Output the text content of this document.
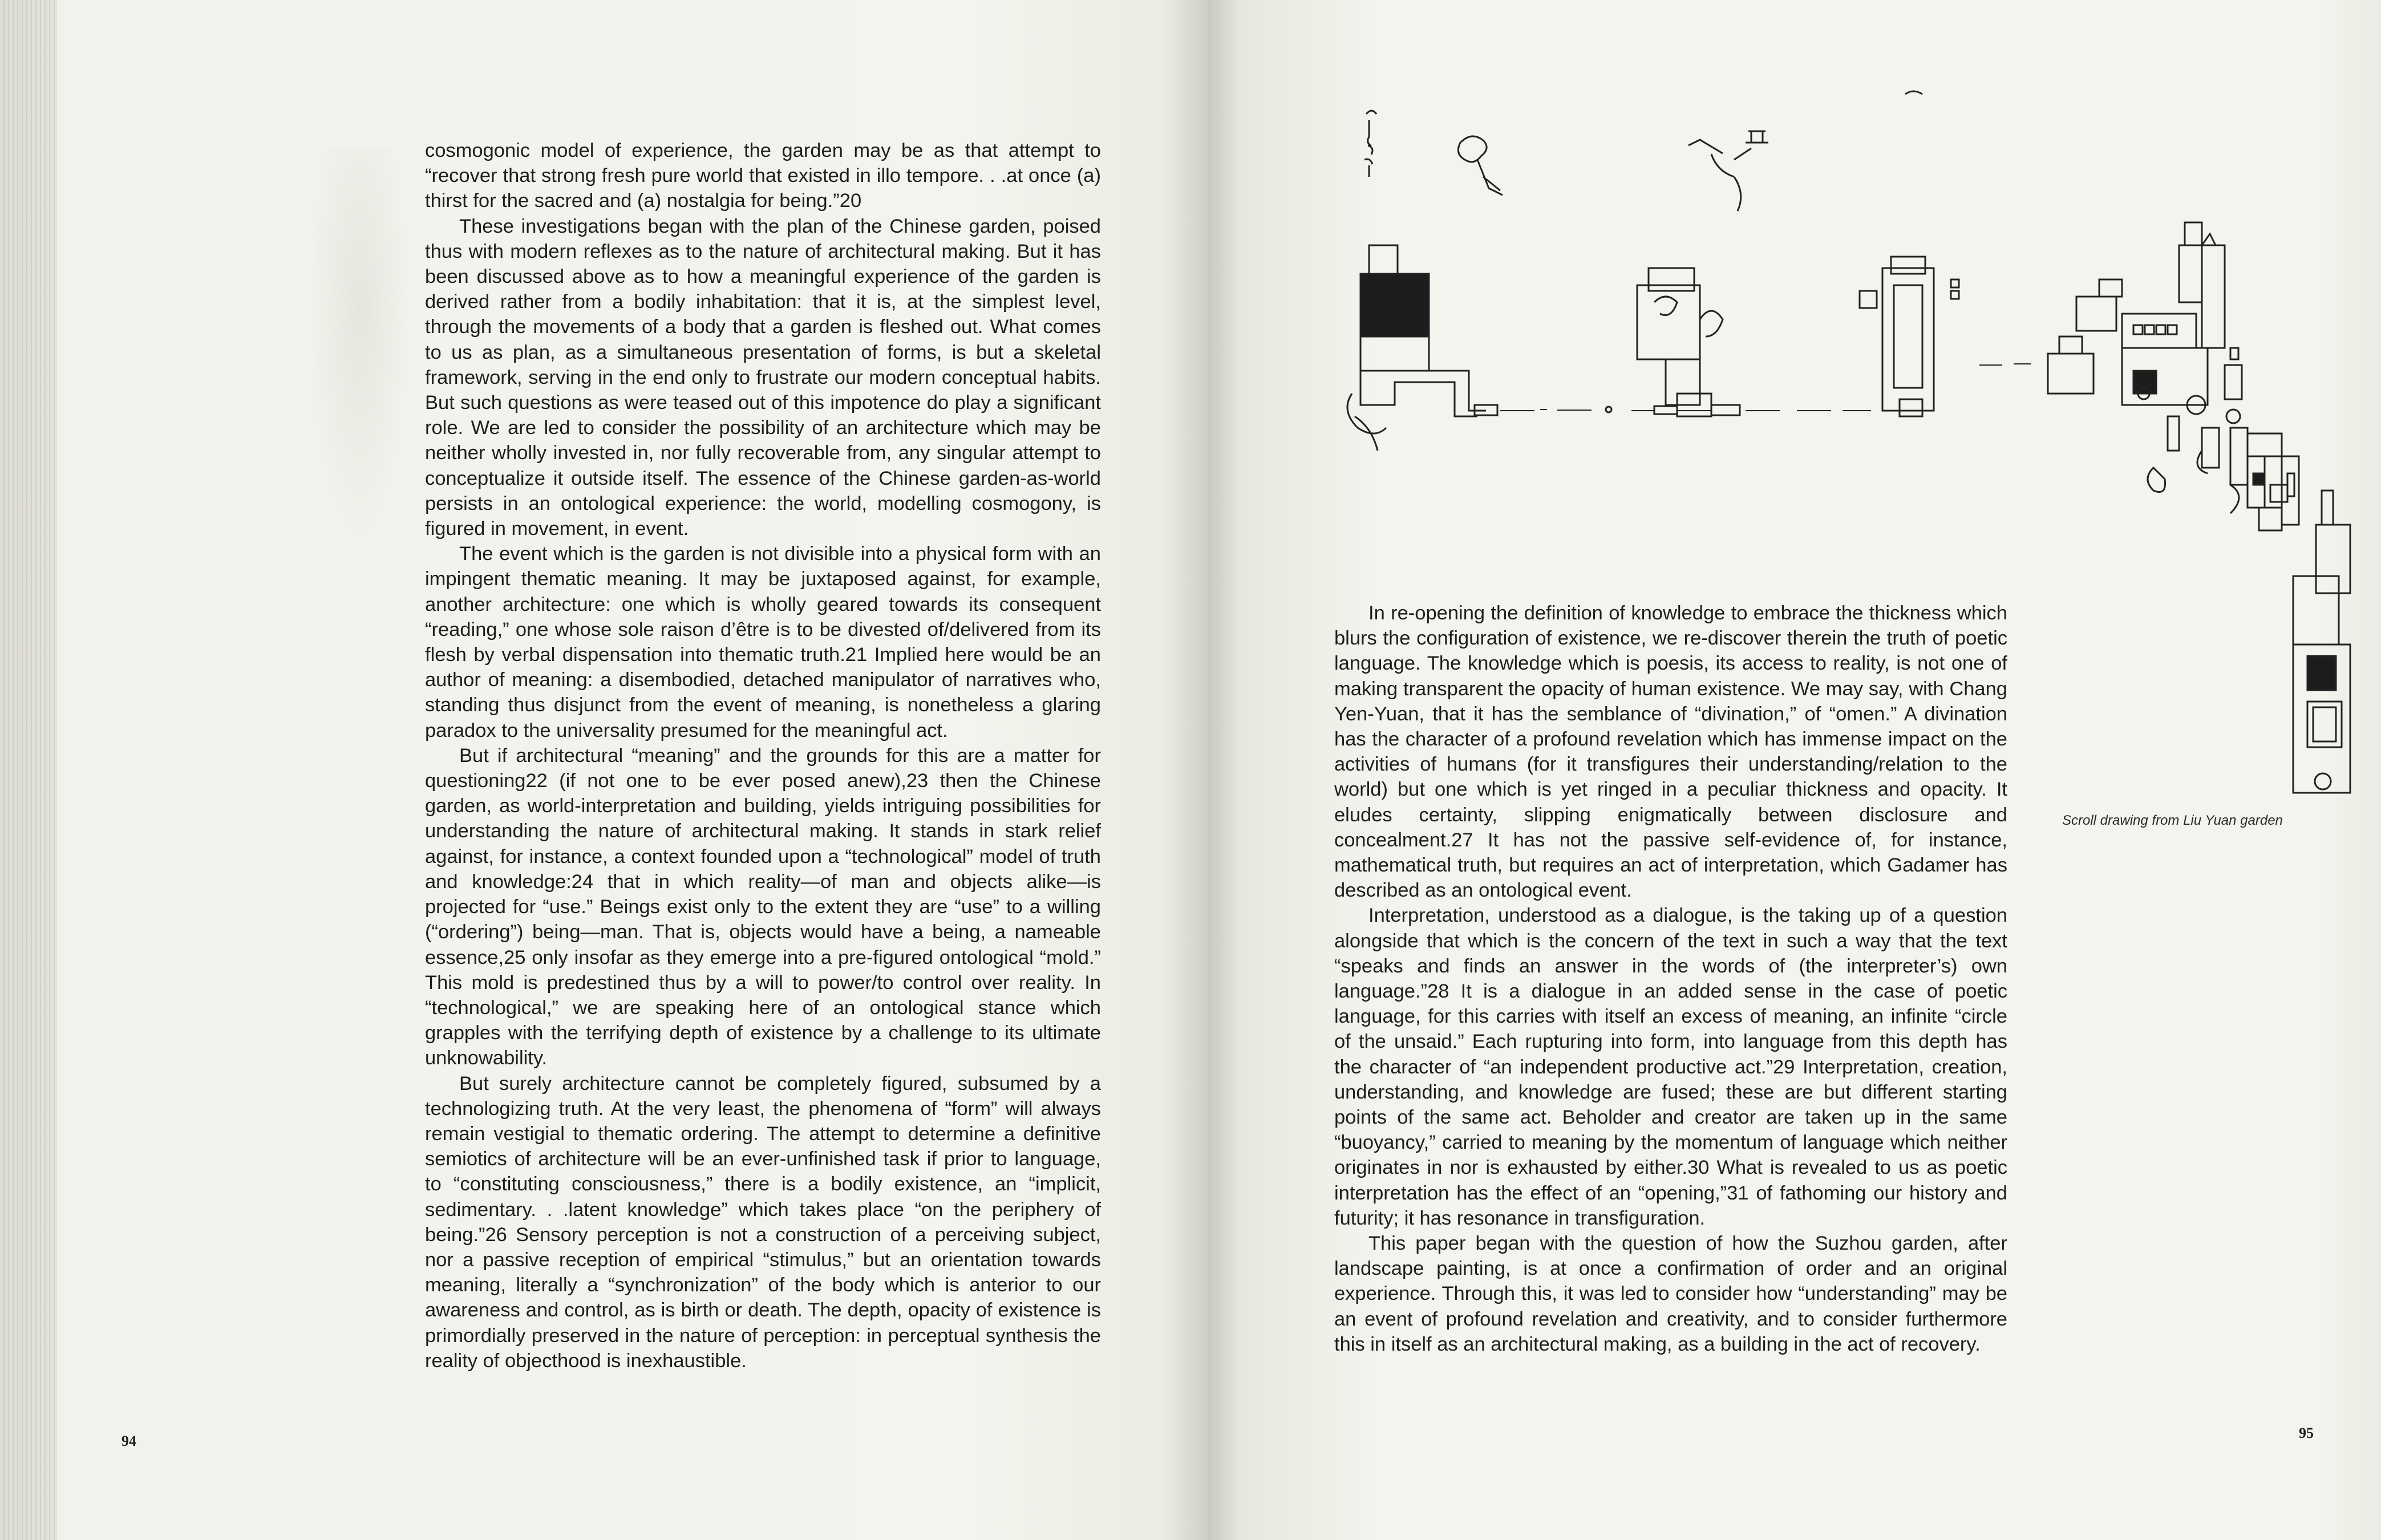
cosmogonic model of experience, the garden may be as that attempt to “recover that strong fresh pure world that existed in illo tempore. . .at once (a) thirst for the sacred and (a) nostalgia for being.”20

These investigations began with the plan of the Chinese garden, poised thus with modern reflexes as to the nature of architectural making. But it has been discussed above as to how a meaningful experience of the garden is derived rather from a bodily inhabitation: that it is, at the simplest level, through the movements of a body that a garden is fleshed out. What comes to us as plan, as a simultaneous presentation of forms, is but a skeletal framework, serving in the end only to frustrate our modern conceptual habits. But such questions as were teased out of this impotence do play a significant role. We are led to consider the possibility of an architecture which may be neither wholly invested in, nor fully recoverable from, any singular attempt to conceptualize it outside itself. The essence of the Chinese garden-as-world persists in an ontological experience: the world, modelling cosmogony, is figured in movement, in event.

The event which is the garden is not divisible into a physical form with an impingent thematic meaning. It may be juxtaposed against, for example, another architecture: one which is wholly geared towards its consequent “reading,” one whose sole raison d’être is to be divested of/delivered from its flesh by verbal dispensation into thematic truth.21 Implied here would be an author of meaning: a disembodied, detached manipulator of narratives who, standing thus disjunct from the event of meaning, is nonetheless a glaring paradox to the universality presumed for the meaningful act.

But if architectural “meaning” and the grounds for this are a matter for questioning22 (if not one to be ever posed anew),23 then the Chinese garden, as world-interpretation and building, yields intriguing possibilities for understanding the nature of architectural making. It stands in stark relief against, for instance, a context founded upon a “technological” model of truth and knowledge:24 that in which reality—of man and objects alike—is projected for “use.” Beings exist only to the extent they are “use” to a willing (“ordering”) being—man. That is, objects would have a being, a nameable essence,25 only insofar as they emerge into a pre-figured ontological “mold.” This mold is predestined thus by a will to power/to control over reality. In “technological,” we are speaking here of an ontological stance which grapples with the terrifying depth of existence by a challenge to its ultimate unknowability.

But surely architecture cannot be completely figured, subsumed by a technologizing truth. At the very least, the phenomena of “form” will always remain vestigial to thematic ordering. The attempt to determine a definitive semiotics of architecture will be an ever-unfinished task if prior to language, to “constituting consciousness,” there is a bodily existence, an “implicit, sedimentary. . .latent knowledge” which takes place “on the periphery of being.”26 Sensory perception is not a construction of a perceiving subject, nor a passive reception of empirical “stimulus,” but an orientation towards meaning, literally a “synchronization” of the body which is anterior to our awareness and control, as is birth or death. The depth, opacity of existence is primordially preserved in the nature of perception: in perceptual synthesis the reality of objecthood is inexhaustible.

94

In re-opening the definition of knowledge to embrace the thickness which blurs the configuration of existence, we re-discover therein the truth of poetic language. The knowledge which is poesis, its access to reality, is not one of making transparent the opacity of human existence. We may say, with Chang Yen-Yuan, that it has the semblance of “divination,” of “omen.” A divination has the character of a profound revelation which has immense impact on the activities of humans (for it transfigures their understanding/relation to the world) but one which is yet ringed in a peculiar thickness and opacity. It eludes certainty, slipping enigmatically between disclosure and concealment.27 It has not the passive self-evidence of, for instance, mathematical truth, but requires an act of interpretation, which Gadamer has described as an ontological event.

Interpretation, understood as a dialogue, is the taking up of a question alongside that which is the concern of the text in such a way that the text “speaks and finds an answer in the words of (the interpreter’s) own language.”28 It is a dialogue in an added sense in the case of poetic language, for this carries with itself an excess of meaning, an infinite “circle of the unsaid.” Each rupturing into form, into language from this depth has the character of “an independent productive act.”29 Interpretation, creation, understanding, and knowledge are fused; these are but different starting points of the same act. Beholder and creator are taken up in the same “buoyancy,” carried to meaning by the momentum of language which neither originates in nor is exhausted by either.30 What is revealed to us as poetic interpretation has the effect of an “opening,”31 of fathoming our history and futurity; it has resonance in transfiguration.

This paper began with the question of how the Suzhou garden, after landscape painting, is at once a confirmation of order and an original experience. Through this, it was led to consider how “understanding” may be an event of profound revelation and creativity, and to consider furthermore this in itself as an architectural making, as a building in the act of recovery.

Scroll drawing from Liu Yuan garden
95
